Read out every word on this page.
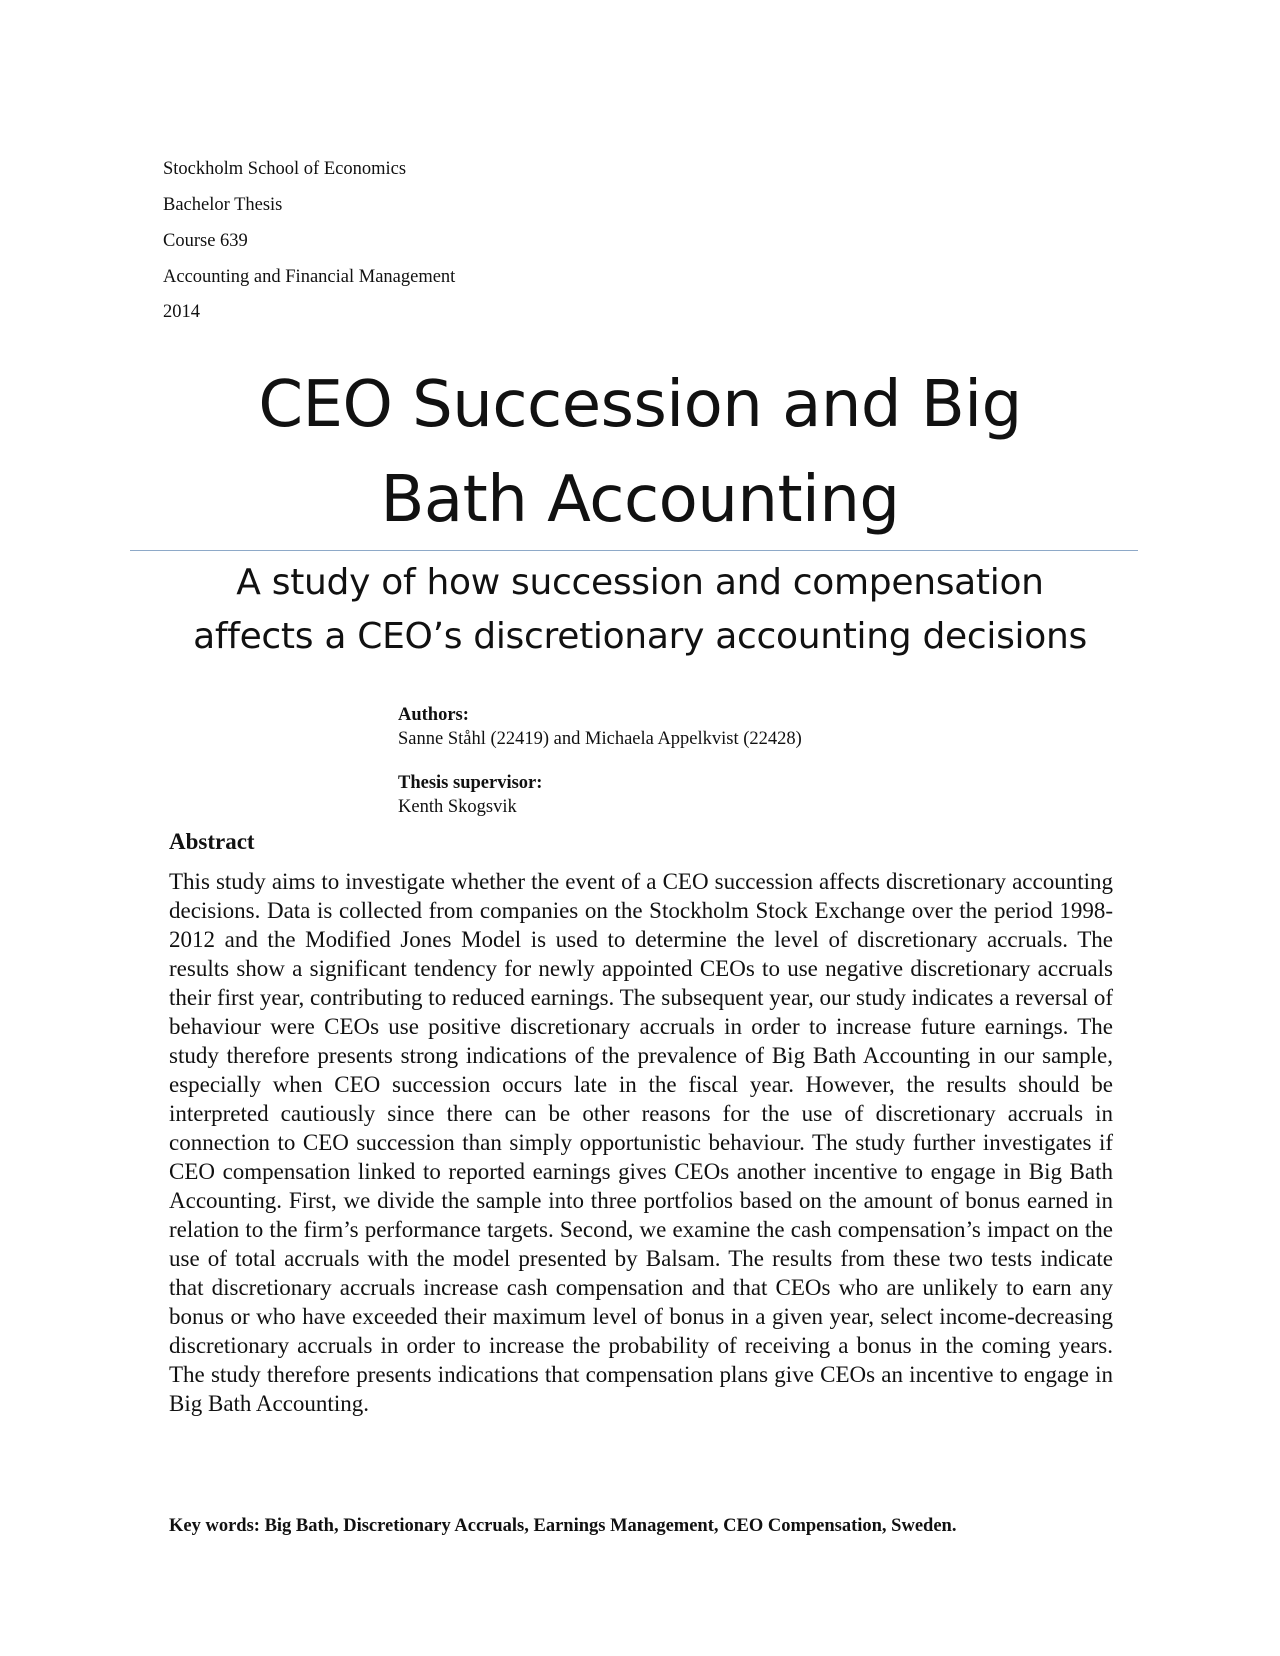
Stockholm School of Economics
Bachelor Thesis
Course 639
Accounting and Financial Management
2014
CEO Succession and Big
Bath Accounting
A study of how succession and compensation
affects a CEO’s discretionary accounting decisions
Authors:
Sanne Ståhl (22419) and Michaela Appelkvist (22428)
Thesis supervisor:
Kenth Skogsvik
Abstract

This study aims to investigate whether the event of a CEO succession affects discretionary accounting decisions. Data is collected from companies on the Stockholm Stock Exchange over the period 1998-2012 and the Modified Jones Model is used to determine the level of discretionary accruals. The results show a significant tendency for newly appointed CEOs to use negative discretionary accruals their first year, contributing to reduced earnings. The subsequent year, our study indicates a reversal of behaviour were CEOs use positive discretionary accruals in order to increase future earnings. The study therefore presents strong indications of the prevalence of Big Bath Accounting in our sample, especially when CEO succession occurs late in the fiscal year. However, the results should be interpreted cautiously since there can be other reasons for the use of discretionary accruals in connection to CEO succession than simply opportunistic behaviour. The study further investigates if CEO compensation linked to reported earnings gives CEOs another incentive to engage in Big Bath Accounting. First, we divide the sample into three portfolios based on the amount of bonus earned in relation to the firm’s performance targets. Second, we examine the cash compensation’s impact on the use of total accruals with the model presented by Balsam. The results from these two tests indicate that discretionary accruals increase cash compensation and that CEOs who are unlikely to earn any bonus or who have exceeded their maximum level of bonus in a given year, select income-decreasing discretionary accruals in order to increase the probability of receiving a bonus in the coming years. The study therefore presents indications that compensation plans give CEOs an incentive to engage in Big Bath Accounting.

Key words: Big Bath, Discretionary Accruals, Earnings Management, CEO Compensation, Sweden.
